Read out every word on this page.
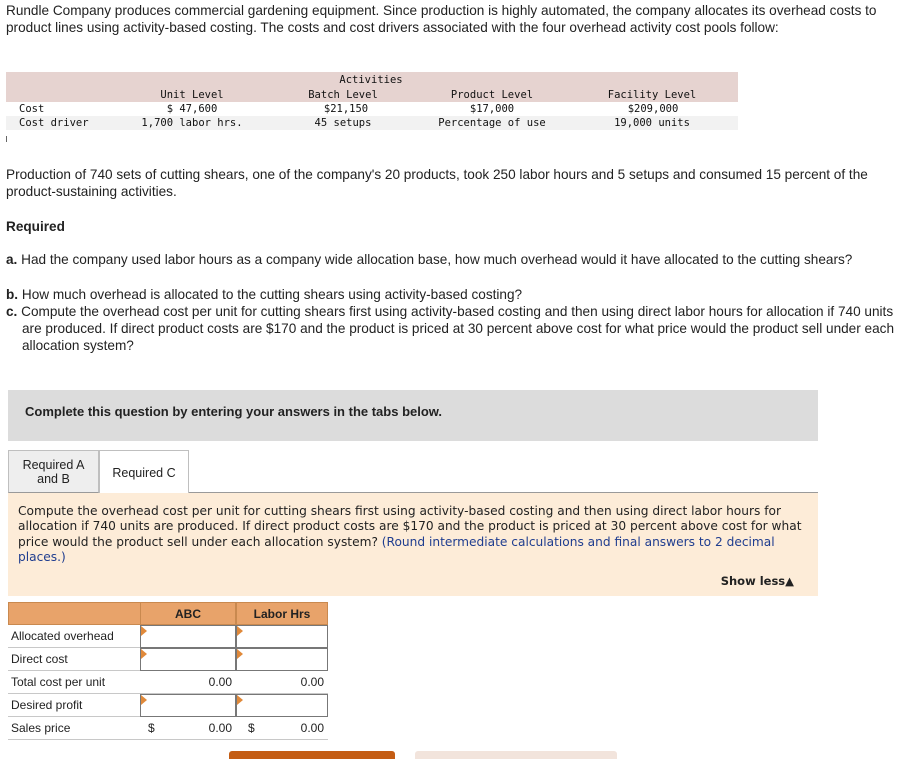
Rundle Company produces commercial gardening equipment. Since production is highly automated, the company allocates its overhead costs to product lines using activity-based costing. The costs and cost drivers associated with the four overhead activity cost pools follow:

Activities
Unit Level	Batch Level	Product Level	Facility Level
Cost	$ 47,600	$21,150	$17,000	$209,000
Cost driver	1,700 labor hrs.	45 setups	Percentage of use	19,000 units

Production of 740 sets of cutting shears, one of the company's 20 products, took 250 labor hours and 5 setups and consumed 15 percent of the product-sustaining activities.

Required
a. Had the company used labor hours as a company wide allocation base, how much overhead would it have allocated to the cutting shears?
b. How much overhead is allocated to the cutting shears using activity-based costing?
c. Compute the overhead cost per unit for cutting shears first using activity-based costing and then using direct labor hours for allocation if 740 units are produced. If direct product costs are $170 and the product is priced at 30 percent above cost for what price would the product sell under each allocation system?
Complete this question by entering your answers in the tabs below.
Required A
and B	Required C
Compute the overhead cost per unit for cutting shears first using activity-based costing and then using direct labor hours for allocation if 740 units are produced. If direct product costs are $170 and the product is priced at 30 percent above cost for what price would the product sell under each allocation system? (Round intermediate calculations and final answers to 2 decimal places.)
Show less▲
ABC	Labor Hrs
Allocated overhead
Direct cost
Total cost per unit	0.00	0.00
Desired profit
Sales price	$	0.00 $	0.00
